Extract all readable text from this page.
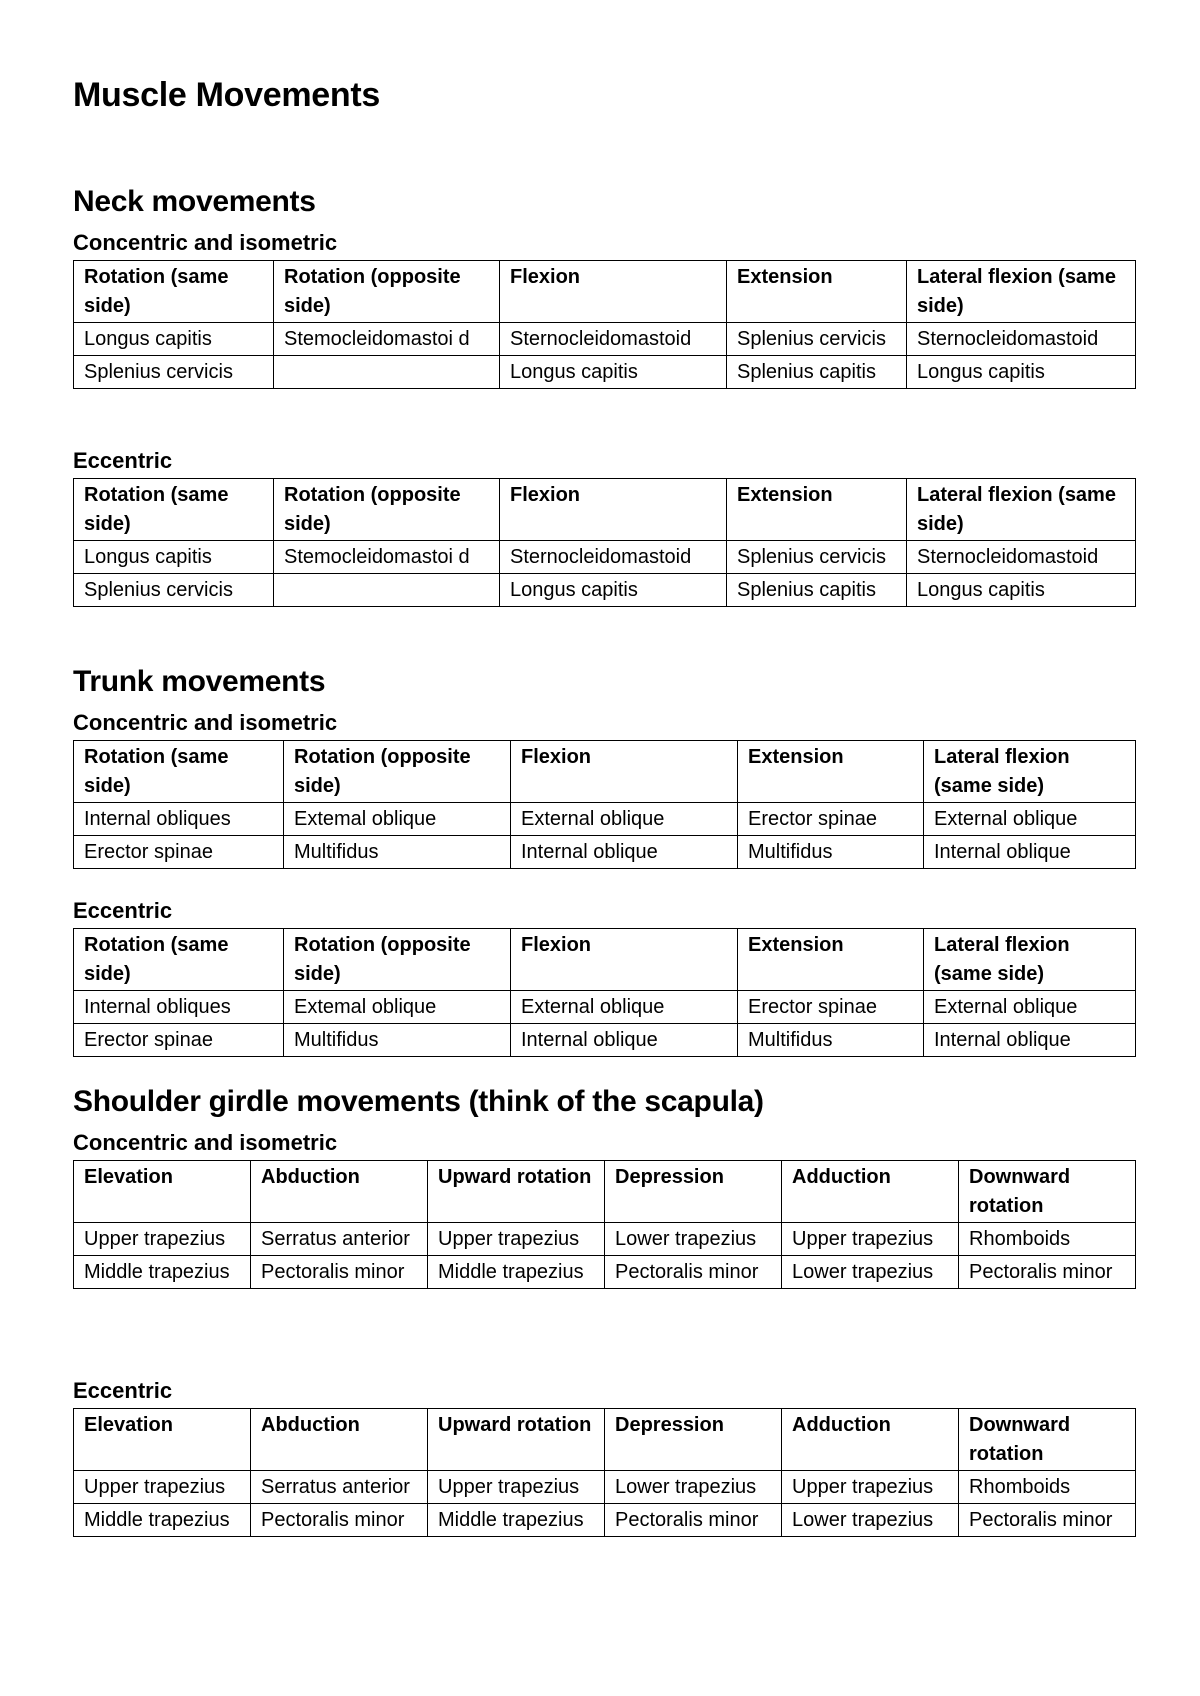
Muscle Movements
Neck movements
Concentric and isometric
Rotation (same side)	Rotation (opposite side)	Flexion	Extension	Lateral flexion (same side)
Longus capitis	Stemocleidomastoi d	Sternocleidomastoid	Splenius cervicis	Sternocleidomastoid
Splenius cervicis		Longus capitis	Splenius capitis	Longus capitis
Eccentric
Rotation (same side)	Rotation (opposite side)	Flexion	Extension	Lateral flexion (same side)
Longus capitis	Stemocleidomastoi d	Sternocleidomastoid	Splenius cervicis	Sternocleidomastoid
Splenius cervicis		Longus capitis	Splenius capitis	Longus capitis
Trunk movements
Concentric and isometric
Rotation (same side)	Rotation (opposite side)	Flexion	Extension	Lateral flexion (same side)
Internal obliques	Extemal oblique	External oblique	Erector spinae	External oblique
Erector spinae	Multifidus	Internal oblique	Multifidus	Internal oblique
Eccentric
Rotation (same side)	Rotation (opposite side)	Flexion	Extension	Lateral flexion (same side)
Internal obliques	Extemal oblique	External oblique	Erector spinae	External oblique
Erector spinae	Multifidus	Internal oblique	Multifidus	Internal oblique
Shoulder girdle movements (think of the scapula)
Concentric and isometric
Elevation	Abduction	Upward rotation	Depression	Adduction	Downward rotation
Upper trapezius	Serratus anterior	Upper trapezius	Lower trapezius	Upper trapezius	Rhomboids
Middle trapezius	Pectoralis minor	Middle trapezius	Pectoralis minor	Lower trapezius	Pectoralis minor
Eccentric
Elevation	Abduction	Upward rotation	Depression	Adduction	Downward rotation
Upper trapezius	Serratus anterior	Upper trapezius	Lower trapezius	Upper trapezius	Rhomboids
Middle trapezius	Pectoralis minor	Middle trapezius	Pectoralis minor	Lower trapezius	Pectoralis minor
